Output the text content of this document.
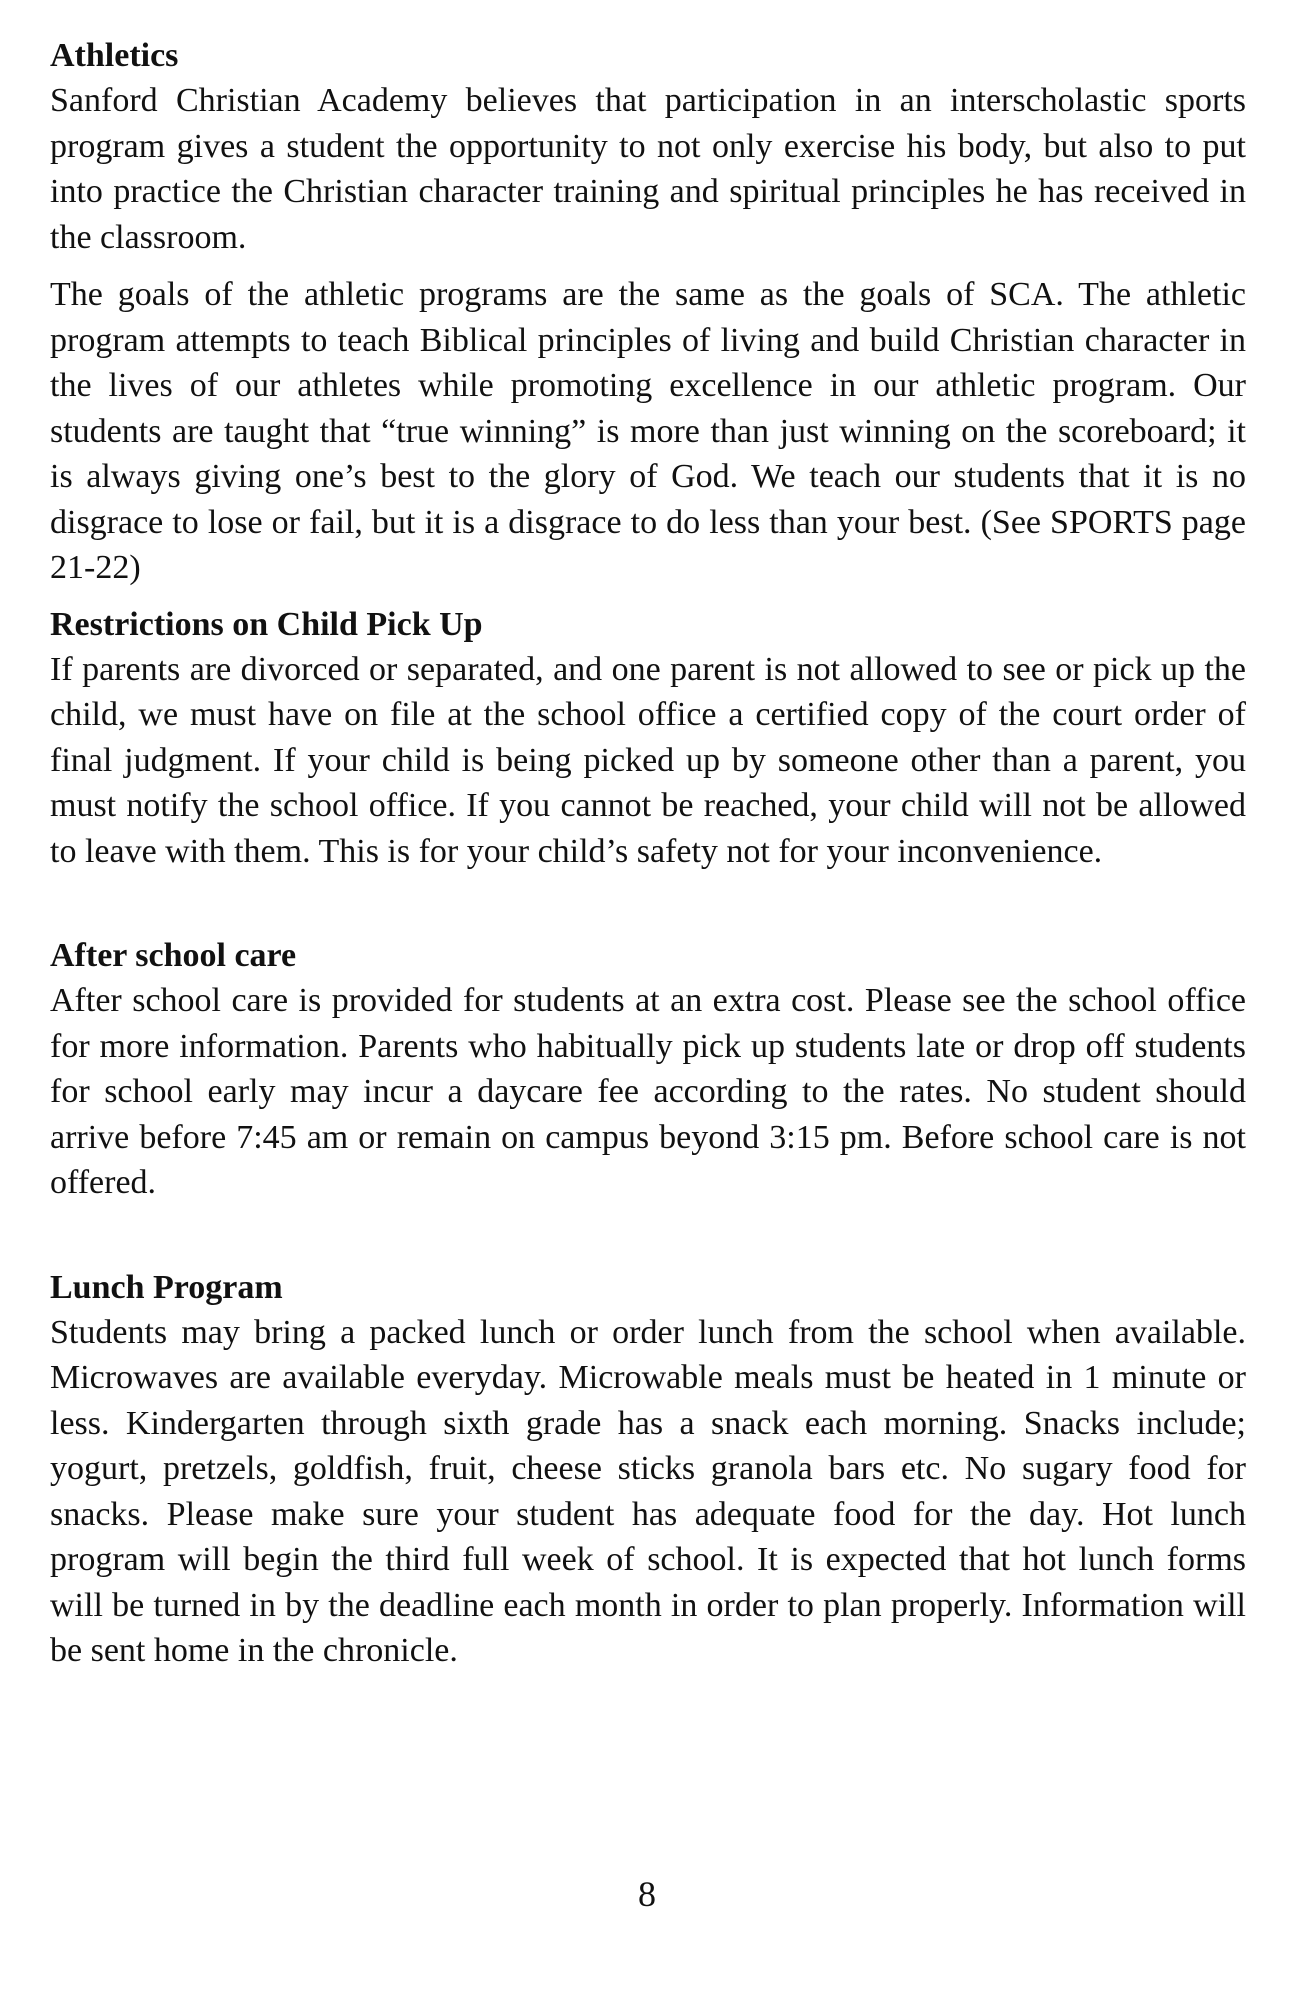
Athletics

Sanford Christian Academy believes that participation in an interscholastic sports program gives a student the opportunity to not only exercise his body, but also to put into practice the Christian character training and spiritual principles he has received in the classroom.

The goals of the athletic programs are the same as the goals of SCA. The athletic program attempts to teach Biblical principles of living and build Christian character in the lives of our athletes while promoting excellence in our athletic program. Our students are taught that “true winning” is more than just winning on the scoreboard; it is always giving one’s best to the glory of God. We teach our students that it is no disgrace to lose or fail, but it is a disgrace to do less than your best. (See SPORTS page 21-22)

Restrictions on Child Pick Up

If parents are divorced or separated, and one parent is not allowed to see or pick up the child, we must have on file at the school office a certified copy of the court order of final judgment. If your child is being picked up by someone other than a parent, you must notify the school office. If you cannot be reached, your child will not be allowed to leave with them. This is for your child’s safety not for your inconvenience.

After school care

After school care is provided for students at an extra cost. Please see the school office for more information. Parents who habitually pick up students late or drop off students for school early may incur a daycare fee according to the rates. No student should arrive before 7:45 am or remain on campus beyond 3:15 pm. Before school care is not offered.

Lunch Program

Students may bring a packed lunch or order lunch from the school when available. Microwaves are available everyday. Microwable meals must be heated in 1 minute or less. Kindergarten through sixth grade has a snack each morning. Snacks include; yogurt, pretzels, goldfish, fruit, cheese sticks granola bars etc. No sugary food for snacks. Please make sure your student has adequate food for the day. Hot lunch program will begin the third full week of school. It is expected that hot lunch forms will be turned in by the deadline each month in order to plan properly. Information will be sent home in the chronicle.

8
